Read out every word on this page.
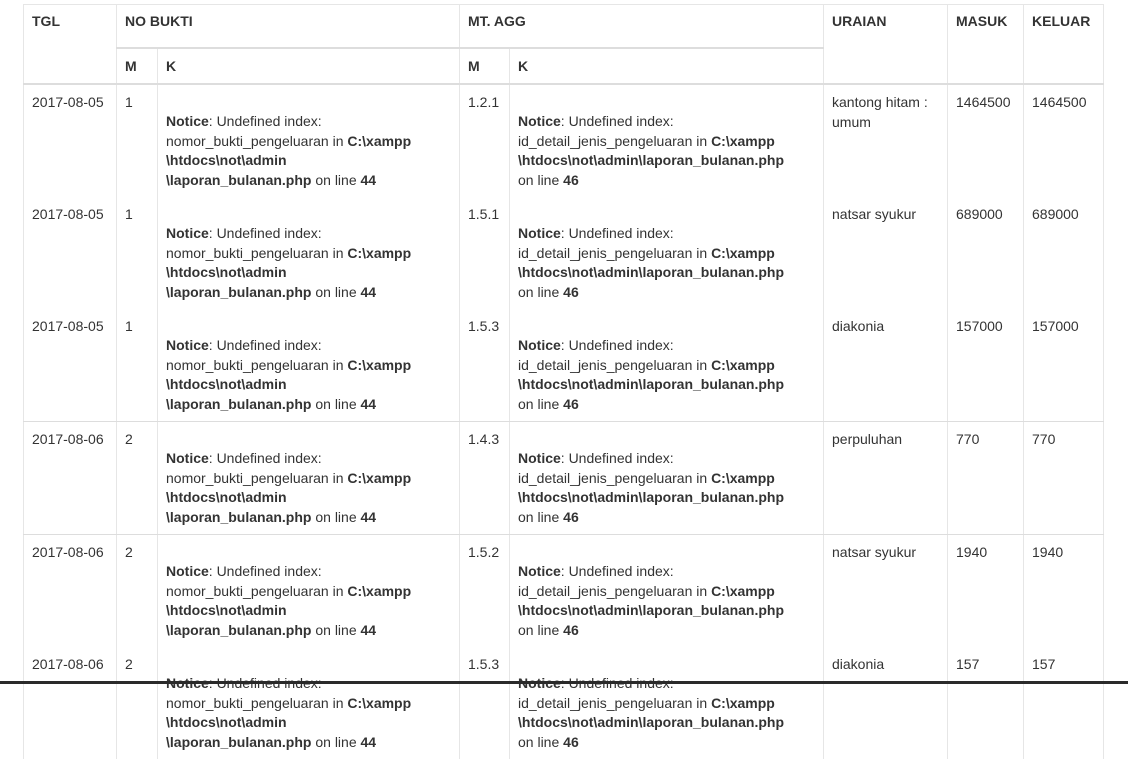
TGL	NO BUKTI		MT. AGG		URAIAN	MASUK	KELUAR
	M	K	M	K			
2017-08-05	1	Notice: Undefined index: nomor_bukti_pengeluaran in C:\xampp
\htdocs\not\admin
\laporan_bulanan.php on line 44	1.2.1	Notice: Undefined index: id_detail_jenis_pengeluaran in C:\xampp
\htdocs\not\admin\laporan_bulanan.php
on line 46	kantong hitam : umum	1464500	1464500
2017-08-05	1	Notice: Undefined index: nomor_bukti_pengeluaran in C:\xampp
\htdocs\not\admin
\laporan_bulanan.php on line 44	1.5.1	Notice: Undefined index: id_detail_jenis_pengeluaran in C:\xampp
\htdocs\not\admin\laporan_bulanan.php
on line 46	natsar syukur	689000	689000
2017-08-05	1	Notice: Undefined index: nomor_bukti_pengeluaran in C:\xampp
\htdocs\not\admin
\laporan_bulanan.php on line 44	1.5.3	Notice: Undefined index: id_detail_jenis_pengeluaran in C:\xampp
\htdocs\not\admin\laporan_bulanan.php
on line 46	diakonia	157000	157000
2017-08-06	2	Notice: Undefined index: nomor_bukti_pengeluaran in C:\xampp
\htdocs\not\admin
\laporan_bulanan.php on line 44	1.4.3	Notice: Undefined index: id_detail_jenis_pengeluaran in C:\xampp
\htdocs\not\admin\laporan_bulanan.php
on line 46	perpuluhan	770	770
2017-08-06	2	Notice: Undefined index: nomor_bukti_pengeluaran in C:\xampp
\htdocs\not\admin
\laporan_bulanan.php on line 44	1.5.2	Notice: Undefined index: id_detail_jenis_pengeluaran in C:\xampp
\htdocs\not\admin\laporan_bulanan.php
on line 46	natsar syukur	1940	1940
2017-08-06	2	nomor_bukti_pengeluaran in C:\xampp
\htdocs\not\admin
\laporan_bulanan.php on line 44	1.5.3	id_detail_jenis_pengeluaran in C:\xampp
\htdocs\not\admin\laporan_bulanan.php
on line 46	diakonia	157	157
